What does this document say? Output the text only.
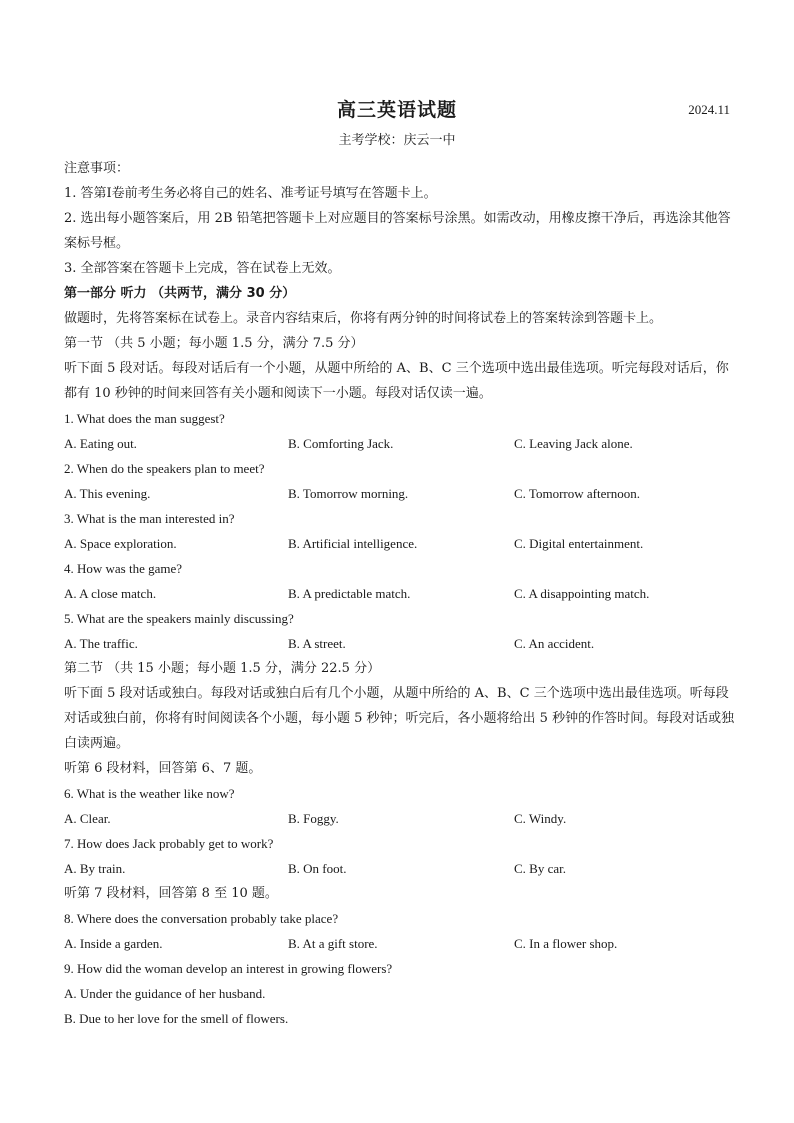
高三英语试题	2024.11
主考学校：庆云一中
注意事项：
1. 答第Ⅰ卷前考生务必将自己的姓名、准考证号填写在答题卡上。
2. 选出每小题答案后，用 2B 铅笔把答题卡上对应题目的答案标号涂黑。如需改动，用橡皮擦干净后，再选涂其他答案标号框。
3. 全部答案在答题卡上完成，答在试卷上无效。
第一部分 听力 （共两节，满分 30 分）
做题时，先将答案标在试卷上。录音内容结束后，你将有两分钟的时间将试卷上的答案转涂到答题卡上。
第一节 （共 5 小题；每小题 1.5 分，满分 7.5 分）
听下面 5 段对话。每段对话后有一个小题，从题中所给的 A、B、C 三个选项中选出最佳选项。听完每段对话后，你都有 10 秒钟的时间来回答有关小题和阅读下一小题。每段对话仅读一遍。
1. What does the man suggest?
A. Eating out.	B. Comforting Jack.	C. Leaving Jack alone.
2. When do the speakers plan to meet?
A. This evening.	B. Tomorrow morning.	C. Tomorrow afternoon.
3. What is the man interested in?
A. Space exploration.	B. Artificial intelligence.	C. Digital entertainment.
4. How was the game?
A. A close match.	B. A predictable match.	C. A disappointing match.
5. What are the speakers mainly discussing?
A. The traffic.	B. A street.	C. An accident.
第二节 （共 15 小题；每小题 1.5 分，满分 22.5 分）
听下面 5 段对话或独白。每段对话或独白后有几个小题，从题中所给的 A、B、C 三个选项中选出最佳选项。听每段对话或独白前，你将有时间阅读各个小题，每小题 5 秒钟；听完后，各小题将给出 5 秒钟的作答时间。每段对话或独白读两遍。
听第 6 段材料，回答第 6、7 题。
6. What is the weather like now?
A. Clear.	B. Foggy.	C. Windy.
7. How does Jack probably get to work?
A. By train.	B. On foot.	C. By car.
听第 7 段材料，回答第 8 至 10 题。
8. Where does the conversation probably take place?
A. Inside a garden.	B. At a gift store.	C. In a flower shop.
9. How did the woman develop an interest in growing flowers?
A. Under the guidance of her husband.
B. Due to her love for the smell of flowers.
